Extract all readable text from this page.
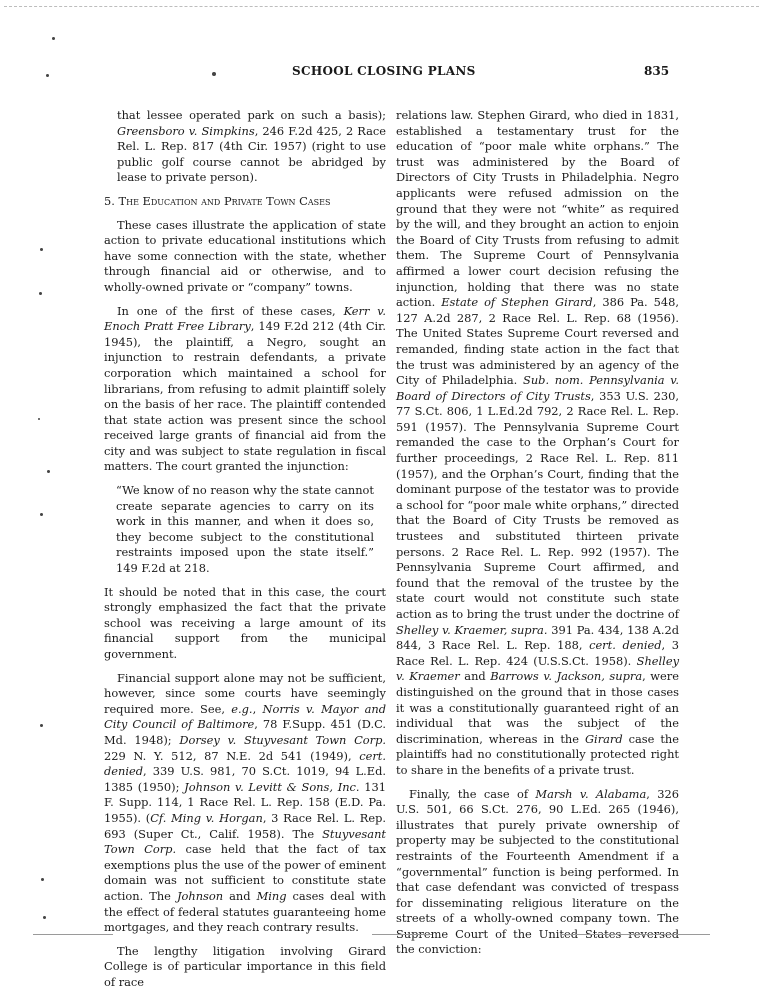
SCHOOL CLOSING PLANS	835

that lessee operated park on such a basis); Greensboro v. Simpkins, 246 F.2d 425, 2 Race Rel. L. Rep. 817 (4th Cir. 1957) (right to use public golf course cannot be abridged by lease to private person).

5. The Education and Private Town Cases

These cases illustrate the application of state action to private educational institutions which have some connection with the state, whether through financial aid or otherwise, and to wholly-owned private or “company” towns.

In one of the first of these cases, Kerr v. Enoch Pratt Free Library, 149 F.2d 212 (4th Cir. 1945), the plaintiff, a Negro, sought an injunction to restrain defendants, a private corporation which maintained a school for librarians, from refusing to admit plaintiff solely on the basis of her race. The plaintiff contended that state action was present since the school received large grants of financial aid from the city and was subject to state regulation in fiscal matters. The court granted the injunction:

“We know of no reason why the state cannot create separate agencies to carry on its work in this manner, and when it does so, they become subject to the constitutional restraints imposed upon the state itself.” 149 F.2d at 218.

It should be noted that in this case, the court strongly emphasized the fact that the private school was receiving a large amount of its financial support from the municipal government.

Financial support alone may not be sufficient, however, since some courts have seemingly required more. See, e.g., Norris v. Mayor and City Council of Baltimore, 78 F.Supp. 451 (D.C. Md. 1948); Dorsey v. Stuyvesant Town Corp. 229 N. Y. 512, 87 N.E. 2d 541 (1949), cert. denied, 339 U.S. 981, 70 S.Ct. 1019, 94 L.Ed. 1385 (1950); Johnson v. Levitt & Sons, Inc. 131 F. Supp. 114, 1 Race Rel. L. Rep. 158 (E.D. Pa. 1955). (Cf. Ming v. Horgan, 3 Race Rel. L. Rep. 693 (Super Ct., Calif. 1958). The Stuyvesant Town Corp. case held that the fact of tax exemptions plus the use of the power of eminent domain was not sufficient to constitute state action. The Johnson and Ming cases deal with the effect of federal statutes guaranteeing home mortgages, and they reach contrary results.

The lengthy litigation involving Girard College is of particular importance in this field of race

relations law. Stephen Girard, who died in 1831, established a testamentary trust for the education of “poor male white orphans.” The trust was administered by the Board of Directors of City Trusts in Philadelphia. Negro applicants were refused admission on the ground that they were not “white” as required by the will, and they brought an action to enjoin the Board of City Trusts from refusing to admit them. The Supreme Court of Pennsylvania affirmed a lower court decision refusing the injunction, holding that there was no state action. Estate of Stephen Girard, 386 Pa. 548, 127 A.2d 287, 2 Race Rel. L. Rep. 68 (1956). The United States Supreme Court reversed and remanded, finding state action in the fact that the trust was administered by an agency of the City of Philadelphia. Sub. nom. Pennsylvania v. Board of Directors of City Trusts, 353 U.S. 230, 77 S.Ct. 806, 1 L.Ed.2d 792, 2 Race Rel. L. Rep. 591 (1957). The Pennsylvania Supreme Court remanded the case to the Orphan’s Court for further proceedings, 2 Race Rel. L. Rep. 811 (1957), and the Orphan’s Court, finding that the dominant purpose of the testator was to provide a school for “poor male white orphans,” directed that the Board of City Trusts be removed as trustees and substituted thirteen private persons. 2 Race Rel. L. Rep. 992 (1957). The Pennsylvania Supreme Court affirmed, and found that the removal of the trustee by the state court would not constitute such state action as to bring the trust under the doctrine of Shelley v. Kraemer, supra. 391 Pa. 434, 138 A.2d 844, 3 Race Rel. L. Rep. 188, cert. denied, 3 Race Rel. L. Rep. 424 (U.S.S.Ct. 1958). Shelley v. Kraemer and Barrows v. Jackson, supra, were distinguished on the ground that in those cases it was a constitutionally guaranteed right of an individual that was the subject of the discrimination, whereas in the Girard case the plaintiffs had no constitutionally protected right to share in the benefits of a private trust.

Finally, the case of Marsh v. Alabama, 326 U.S. 501, 66 S.Ct. 276, 90 L.Ed. 265 (1946), illustrates that purely private ownership of property may be subjected to the constitutional restraints of the Fourteenth Amendment if a “governmental” function is being performed. In that case defendant was convicted of trespass for disseminating religious literature on the streets of a wholly-owned company town. The Supreme Court of the United States reversed the conviction:
